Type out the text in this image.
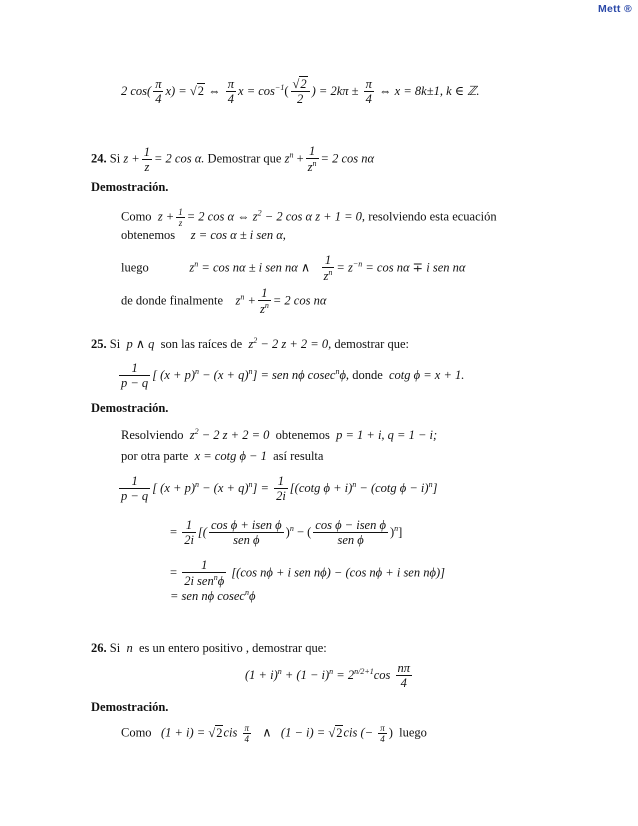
Mett ®
2 $\cos( \frac{\pi}{4} x) = √2$ ⇔ $\frac{\pi}{4}$ $x = \cos^{-1}( \frac{√2}{2}$ ) = $2k\pi \pm \frac{\pi}{4}$ ⇔ x = 8k±1, k ∈ ℤ.
24. Si $z + \frac{1}{z} = 2$ cos α. Demostrar que $z^n + \frac{1}{z^n} = 2$ cos nα
Demostración.
Como $z + \frac{1}{z} = 2$ cos α ⇔ $z^2 - 2$ cos α z + 1 = 0, resolviendo esta ecuación
obtenemos z = cos α ± i sen α,
luego	$z^n = \cos n\alpha \pm i$ sen nα ∧ $\frac{1}{z^n} = z^{-n} = \cos n\alpha \mp i$ sen nα
de donde finalmente $z^n + \frac{1}{z^n} = 2$ cos nα
25. Si p ∧ q son las raíces de $z^2 - 2$ z + 2 = 0, demostrar que:
$\frac{1}{p - q}$ [ $(x + p)^n - (x + q)^n$] = sen nϕ cosec$^n$ϕ, donde cotg ϕ = x + 1.
Demostración.
Resolviendo $z^2 - 2$ z + 2 = 0 obtenemos p = 1 + i, q = 1 − i;
por otra parte x = cotg ϕ − 1 así resulta
$\frac{1}{p - q}$ [ $(x + p)^n - (x + q)^n] = \frac{1}{2i} [(\cot g$ ϕ + i)$^n$ − (cotg ϕ − i)$^n$]
= $\frac{1}{2i}$ [( $\frac{\text{cos ϕ + isen ϕ}}{\text{sen ϕ}} )^n$ − ( $\frac{\text{cos ϕ − isen ϕ}}{\text{sen ϕ}} )^n$]
= $\frac{1}{2i sen^n\phi} [(\cos$ nϕ + i sen nϕ) − (cos nϕ + i sen nϕ)]
= sen nϕ cosec$^n$ϕ
26. Si n es un entero positivo , demostrar que:
$(1 + i)^n + (1 - i)^n = 2^{n/2+1}\cos \frac{n\pi}{4}$
Demostración.
Como $(1 + i) = √2cis \frac{\pi}{4}$ ∧ (1 − i) = √2cis (− $\frac{\pi}{4}$ ) luego
